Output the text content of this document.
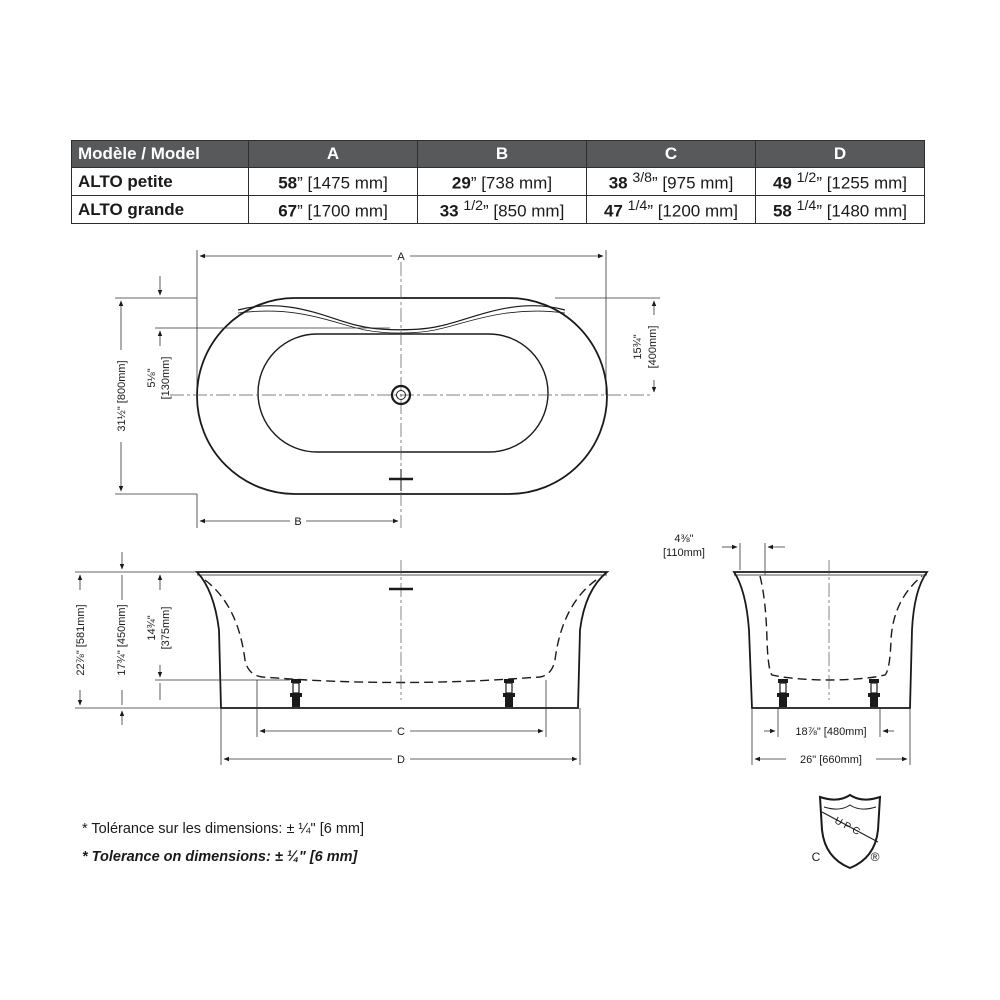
Modèle / Model	A	B	C	D
ALTO petite	58” [1475 mm]	29” [738 mm]	38 $^{3/8}$” [975 mm]	49 $^{1/2}$” [1255 mm]
ALTO grande	67” [1700 mm]	33 $^{1/2}$” [850 mm]	47 $^{1/4}$” [1200 mm]	58 $^{1/4}$” [1480 mm]
A
B
31½" [800mm] 5⅛" [130mm]
15¾" [400mm]
22⅞" [581mm]	17¾" [450mm] 14¾" [375mm]
C
D
4⅜"
[110mm]
18⅞" [480mm]
26" [660mm]
UPC
C	®
* Tolérance sur les dimensions: ± ¼" [6 mm]
* Tolerance on dimensions: ± ¼" [6 mm]
